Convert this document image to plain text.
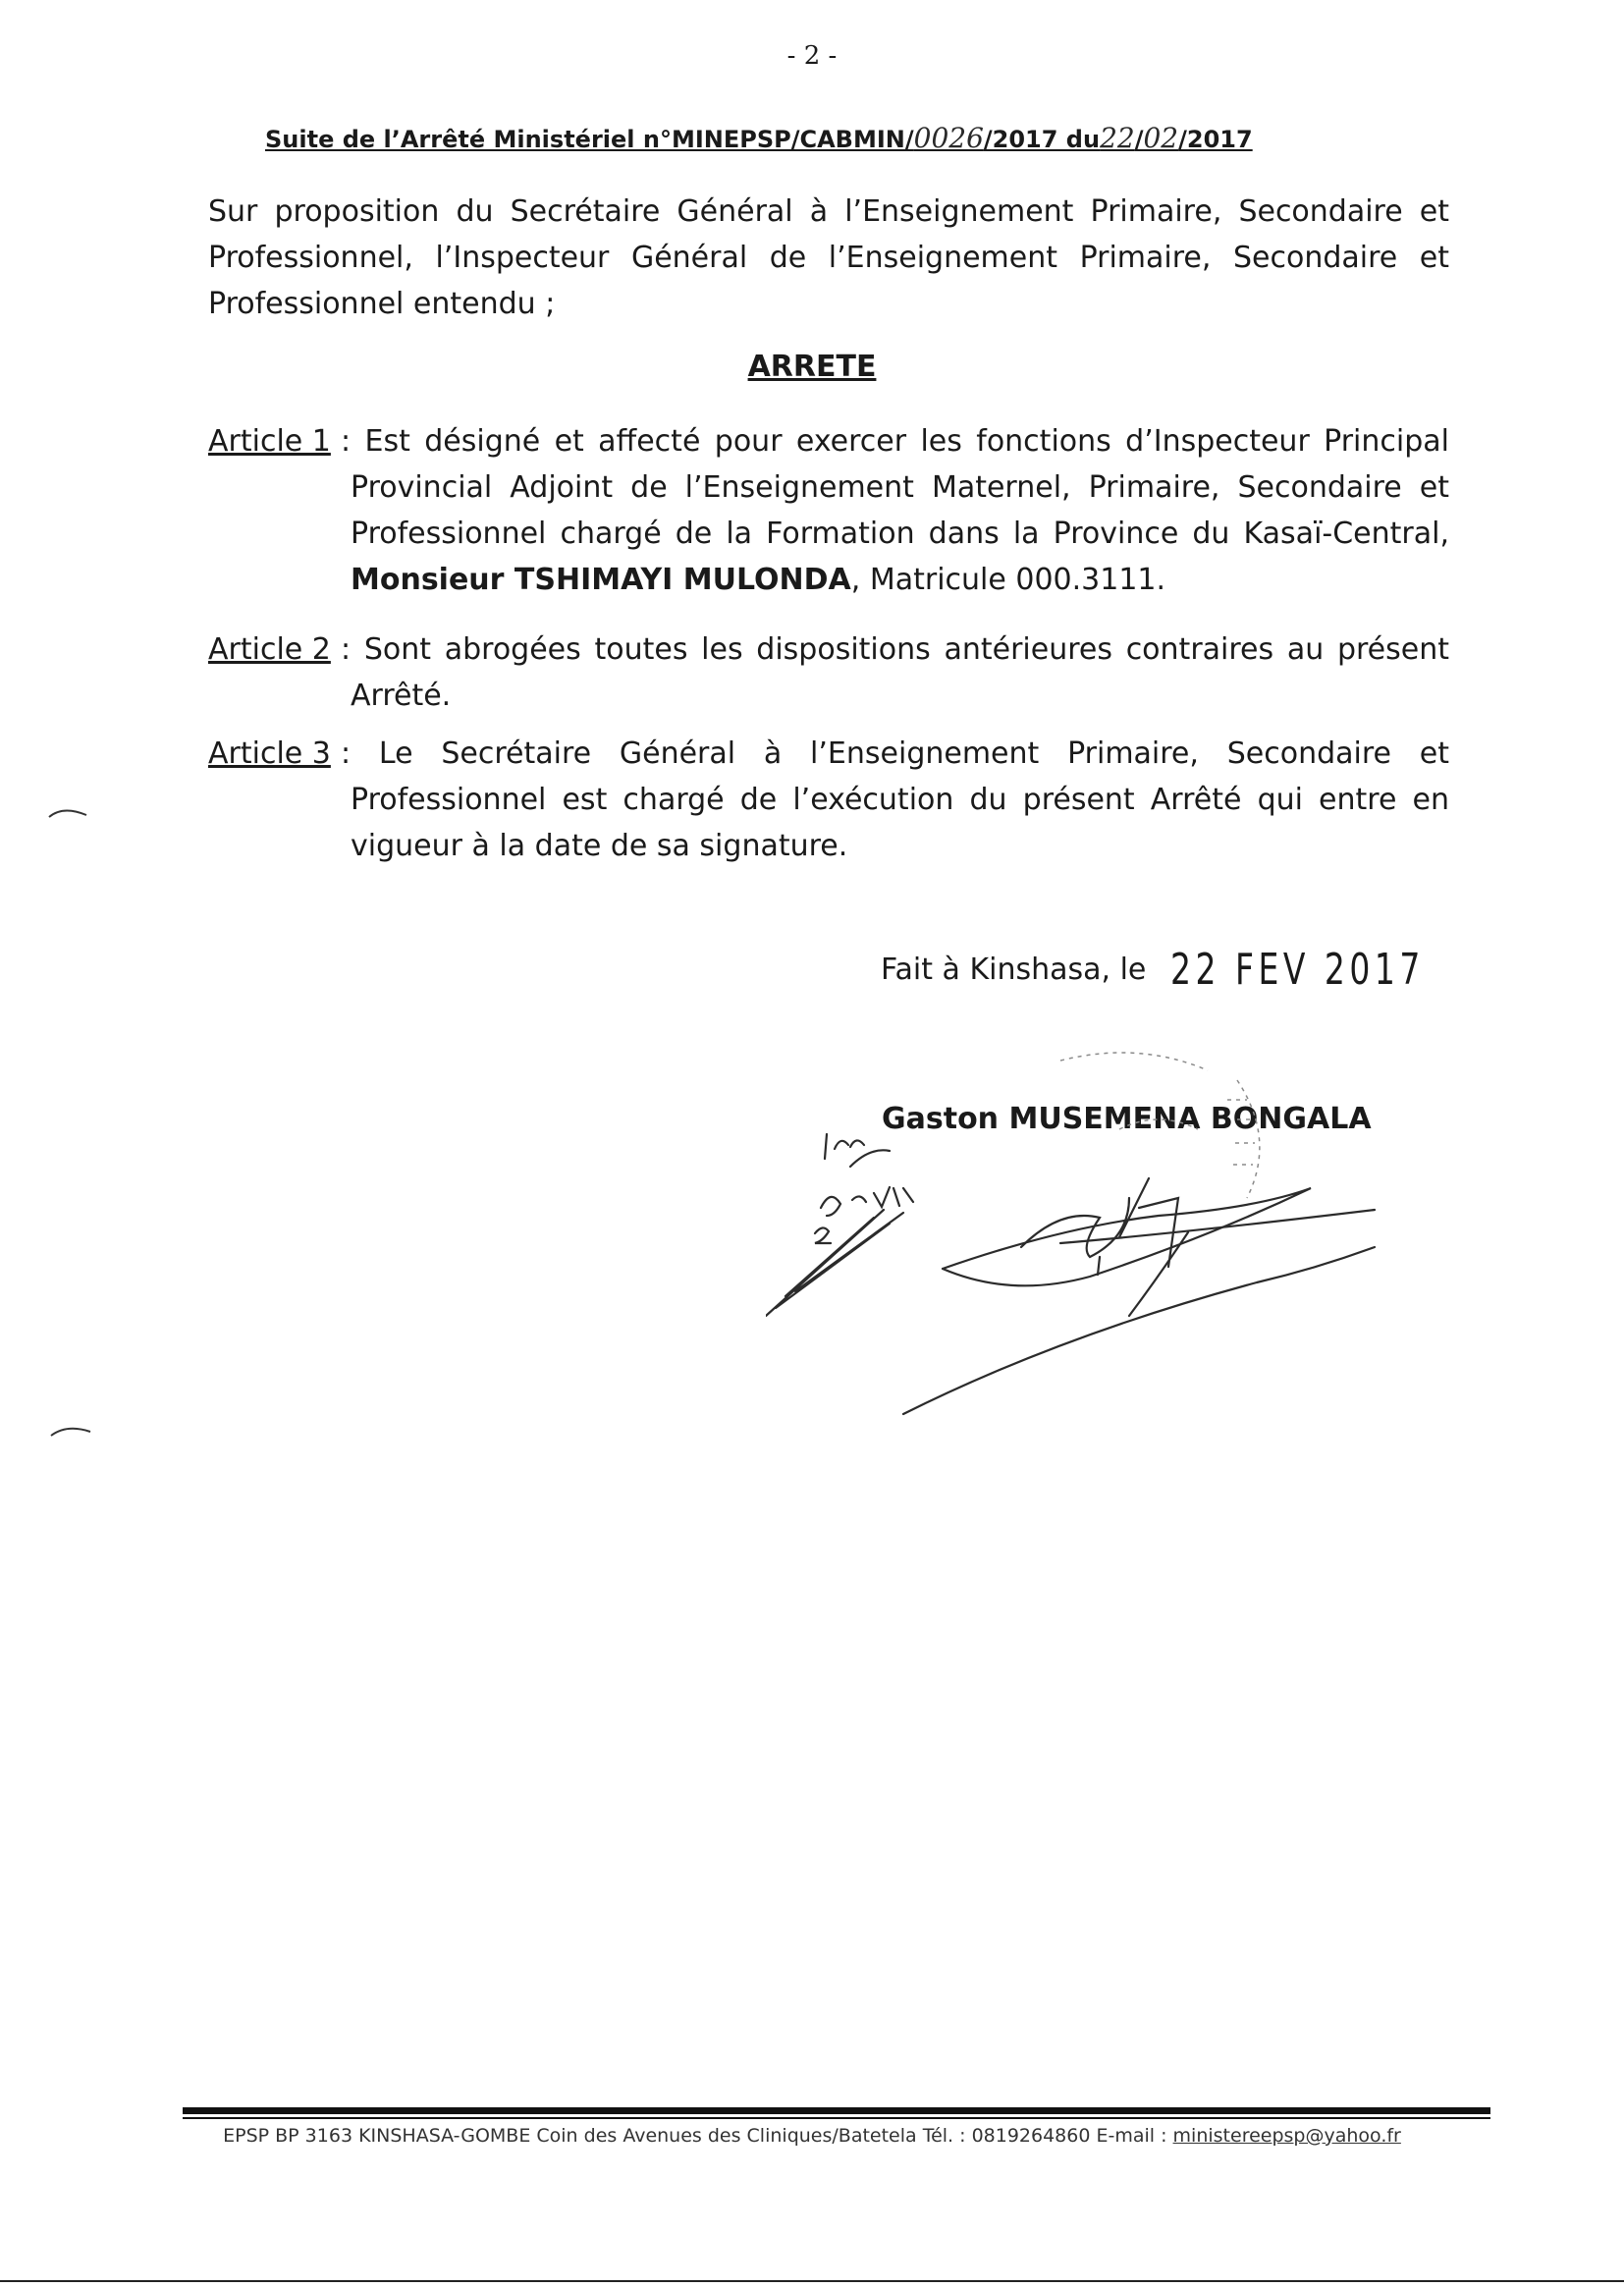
- 2 -
Suite de l’Arrêté Ministériel n°MINEPSP/CABMIN/0026/2017 du22/02/2017
Sur proposition du Secrétaire Général à l’Enseignement Primaire, Secondaire et Professionnel, l’Inspecteur Général de l’Enseignement Primaire, Secondaire et Professionnel entendu ;
ARRETE
Article 1 : Est désigné et affecté pour exercer les fonctions d’Inspecteur Principal Provincial Adjoint de l’Enseignement Maternel, Primaire, Secondaire et Professionnel chargé de la Formation dans la Province du Kasaï-Central, Monsieur TSHIMAYI MULONDA, Matricule 000.3111.
Article 2 : Sont abrogées toutes les dispositions antérieures contraires au présent Arrêté.
Article 3 : Le Secrétaire Général à l’Enseignement Primaire, Secondaire et Professionnel est chargé de l’exécution du présent Arrêté qui entre en vigueur à la date de sa signature.
Fait à Kinshasa, le 22 FEV 2017
Gaston MUSEMENA BONGALA
EPSP BP 3163 KINSHASA-GOMBE Coin des Avenues des Cliniques/Batetela Tél. : 0819264860 E-mail : ministereepsp@yahoo.fr
